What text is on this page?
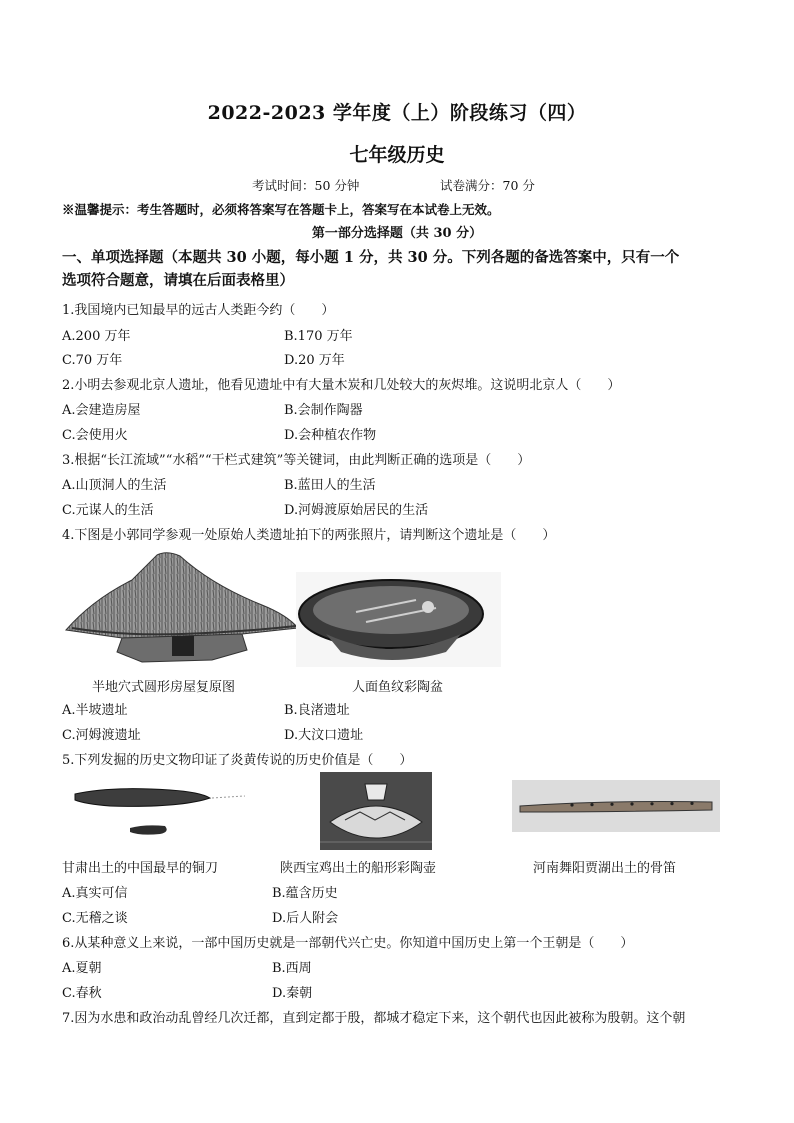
2022-2023 学年度（上）阶段练习（四）
七年级历史
考试时间：50 分钟	试卷满分：70 分
※温馨提示：考生答题时，必须将答案写在答题卡上，答案写在本试卷上无效。
第一部分选择题（共 30 分）
一、单项选择题（本题共 30 小题，每小题 1 分，共 30 分。下列各题的备选答案中，只有一个
选项符合题意，请填在后面表格里）
1.我国境内已知最早的远古人类距今约（　　）
A.200 万年	B.170 万年
C.70 万年	D.20 万年
2.小明去参观北京人遗址，他看见遗址中有大量木炭和几处较大的灰烬堆。这说明北京人（　　）
A.会建造房屋	B.会制作陶器
C.会使用火	D.会种植农作物
3.根据“长江流域”“水稻”“干栏式建筑”等关键词，由此判断正确的选项是（　　）
A.山顶洞人的生活	B.蓝田人的生活
C.元谋人的生活	D.河姆渡原始居民的生活
4.下图是小郭同学参观一处原始人类遗址拍下的两张照片，请判断这个遗址是（　　）
半地穴式圆形房屋复原图	人面鱼纹彩陶盆
A.半坡遗址	B.良渚遗址
C.河姆渡遗址	D.大汶口遗址
5.下列发掘的历史文物印证了炎黄传说的历史价值是（　　）
甘肃出土的中国最早的铜刀	陕西宝鸡出土的船形彩陶壶	河南舞阳贾湖出土的骨笛
A.真实可信	B.蕴含历史
C.无稽之谈	D.后人附会
6.从某种意义上来说，一部中国历史就是一部朝代兴亡史。你知道中国历史上第一个王朝是（　　）
A.夏朝	B.西周
C.春秋	D.秦朝
7.因为水患和政治动乱曾经几次迁都，直到定都于殷，都城才稳定下来，这个朝代也因此被称为殷朝。这个朝
